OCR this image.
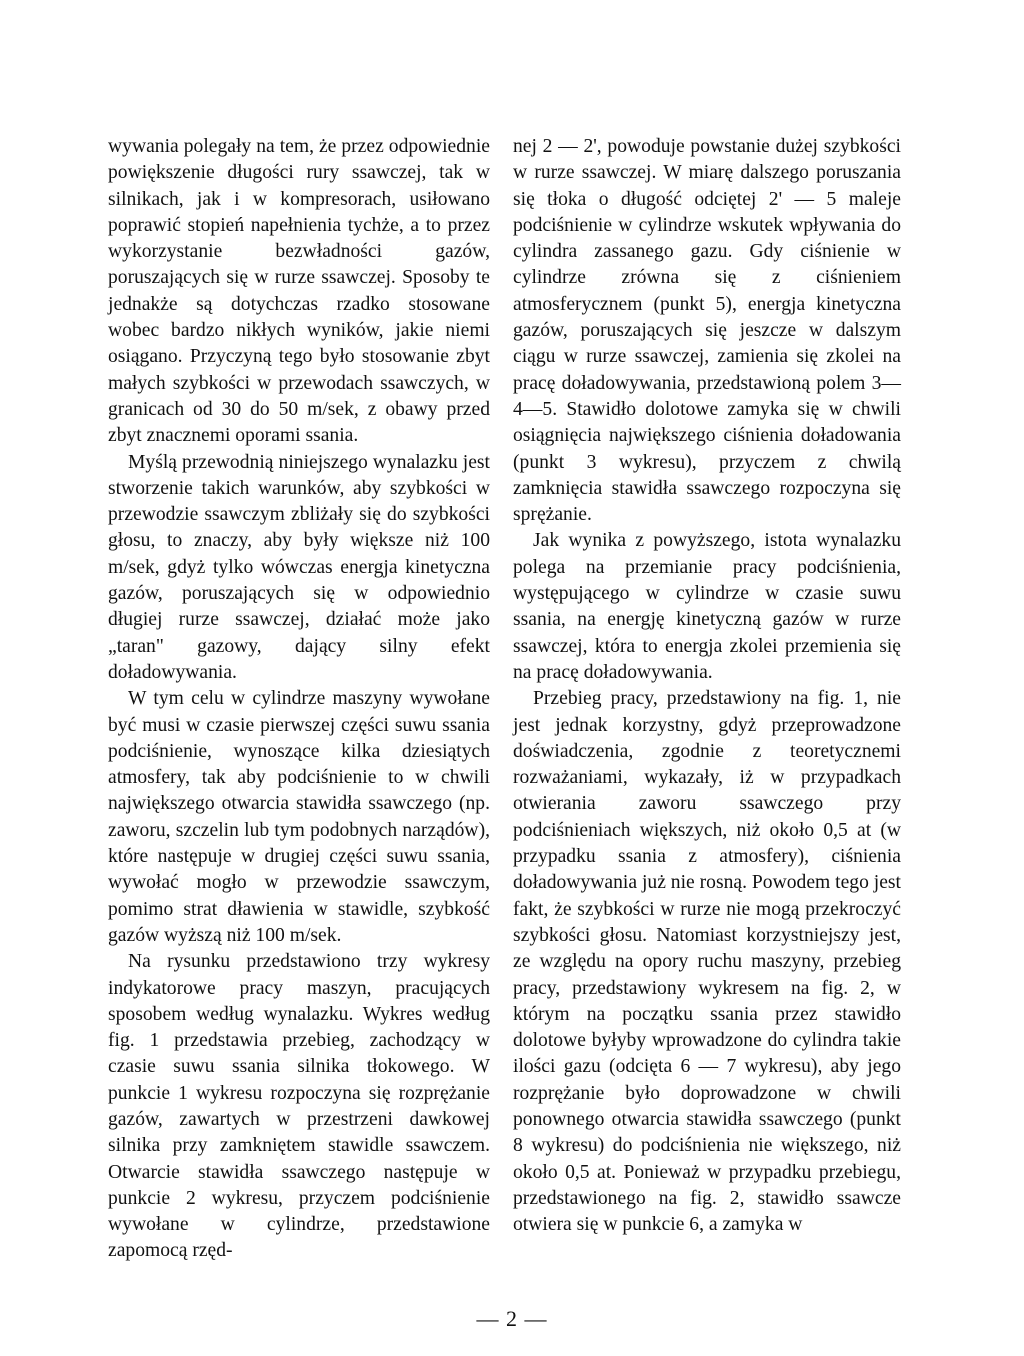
wywania polegały na tem, że przez odpowiednie powiększenie długości rury ssawczej, tak w silnikach, jak i w kompresorach, usiłowano poprawić stopień napełnienia tychże, a to przez wykorzystanie bezwładności gazów, poruszających się w rurze ssawczej. Sposoby te jednakże są dotychczas rzadko stosowane wobec bardzo nikłych wyników, jakie niemi osiągano. Przyczyną tego było stosowanie zbyt małych szybkości w przewodach ssawczych, w granicach od 30 do 50 m/sek, z obawy przed zbyt znacznemi oporami ssania.

Myślą przewodnią niniejszego wynalazku jest stworzenie takich warunków, aby szybkości w przewodzie ssawczym zbliżały się do szybkości głosu, to znaczy, aby były większe niż 100 m/sek, gdyż tylko wówczas energja kinetyczna gazów, poruszających się w odpowiednio długiej rurze ssawczej, działać może jako „taran" gazowy, dający silny efekt doładowywania.

W tym celu w cylindrze maszyny wywołane być musi w czasie pierwszej części suwu ssania podciśnienie, wynoszące kilka dziesiątych atmosfery, tak aby podciśnienie to w chwili największego otwarcia stawidła ssawczego (np. zaworu, szczelin lub tym podobnych narządów), które następuje w drugiej części suwu ssania, wywołać mogło w przewodzie ssawczym, pomimo strat dławienia w stawidle, szybkość gazów wyższą niż 100 m/sek.

Na rysunku przedstawiono trzy wykresy indykatorowe pracy maszyn, pracujących sposobem według wynalazku. Wykres według fig. 1 przedstawia przebieg, zachodzący w czasie suwu ssania silnika tłokowego. W punkcie 1 wykresu rozpoczyna się rozprężanie gazów, zawartych w przestrzeni dawkowej silnika przy zamkniętem stawidle ssawczem. Otwarcie stawidła ssawczego następuje w punkcie 2 wykresu, przyczem podciśnienie wywołane w cylindrze, przedstawione zapomocą rzęd-

nej 2 — 2', powoduje powstanie dużej szybkości w rurze ssawczej. W miarę dalszego poruszania się tłoka o długość odciętej 2' — 5 maleje podciśnienie w cylindrze wskutek wpływania do cylindra zassanego gazu. Gdy ciśnienie w cylindrze zrówna się z ciśnieniem atmosferycznem (punkt 5), energja kinetyczna gazów, poruszających się jeszcze w dalszym ciągu w rurze ssawczej, zamienia się zkolei na pracę doładowywania, przedstawioną polem 3—4—5. Stawidło dolotowe zamyka się w chwili osiągnięcia największego ciśnienia doładowania (punkt 3 wykresu), przyczem z chwilą zamknięcia stawidła ssawczego rozpoczyna się sprężanie.

Jak wynika z powyższego, istota wynalazku polega na przemianie pracy podciśnienia, występującego w cylindrze w czasie suwu ssania, na energję kinetyczną gazów w rurze ssawczej, która to energja zkolei przemienia się na pracę doładowywania.

Przebieg pracy, przedstawiony na fig. 1, nie jest jednak korzystny, gdyż przeprowadzone doświadczenia, zgodnie z teoretycznemi rozważaniami, wykazały, iż w przypadkach otwierania zaworu ssawczego przy podciśnieniach większych, niż około 0,5 at (w przypadku ssania z atmosfery), ciśnienia doładowywania już nie rosną. Powodem tego jest fakt, że szybkości w rurze nie mogą przekroczyć szybkości głosu. Natomiast korzystniejszy jest, ze względu na opory ruchu maszyny, przebieg pracy, przedstawiony wykresem na fig. 2, w którym na początku ssania przez stawidło dolotowe byłyby wprowadzone do cylindra takie ilości gazu (odcięta 6 — 7 wykresu), aby jego rozprężanie było doprowadzone w chwili ponownego otwarcia stawidła ssawczego (punkt 8 wykresu) do podciśnienia nie większego, niż około 0,5 at. Ponieważ w przypadku przebiegu, przedstawionego na fig. 2, stawidło ssawcze otwiera się w punkcie 6, a zamyka w

— 2 —
